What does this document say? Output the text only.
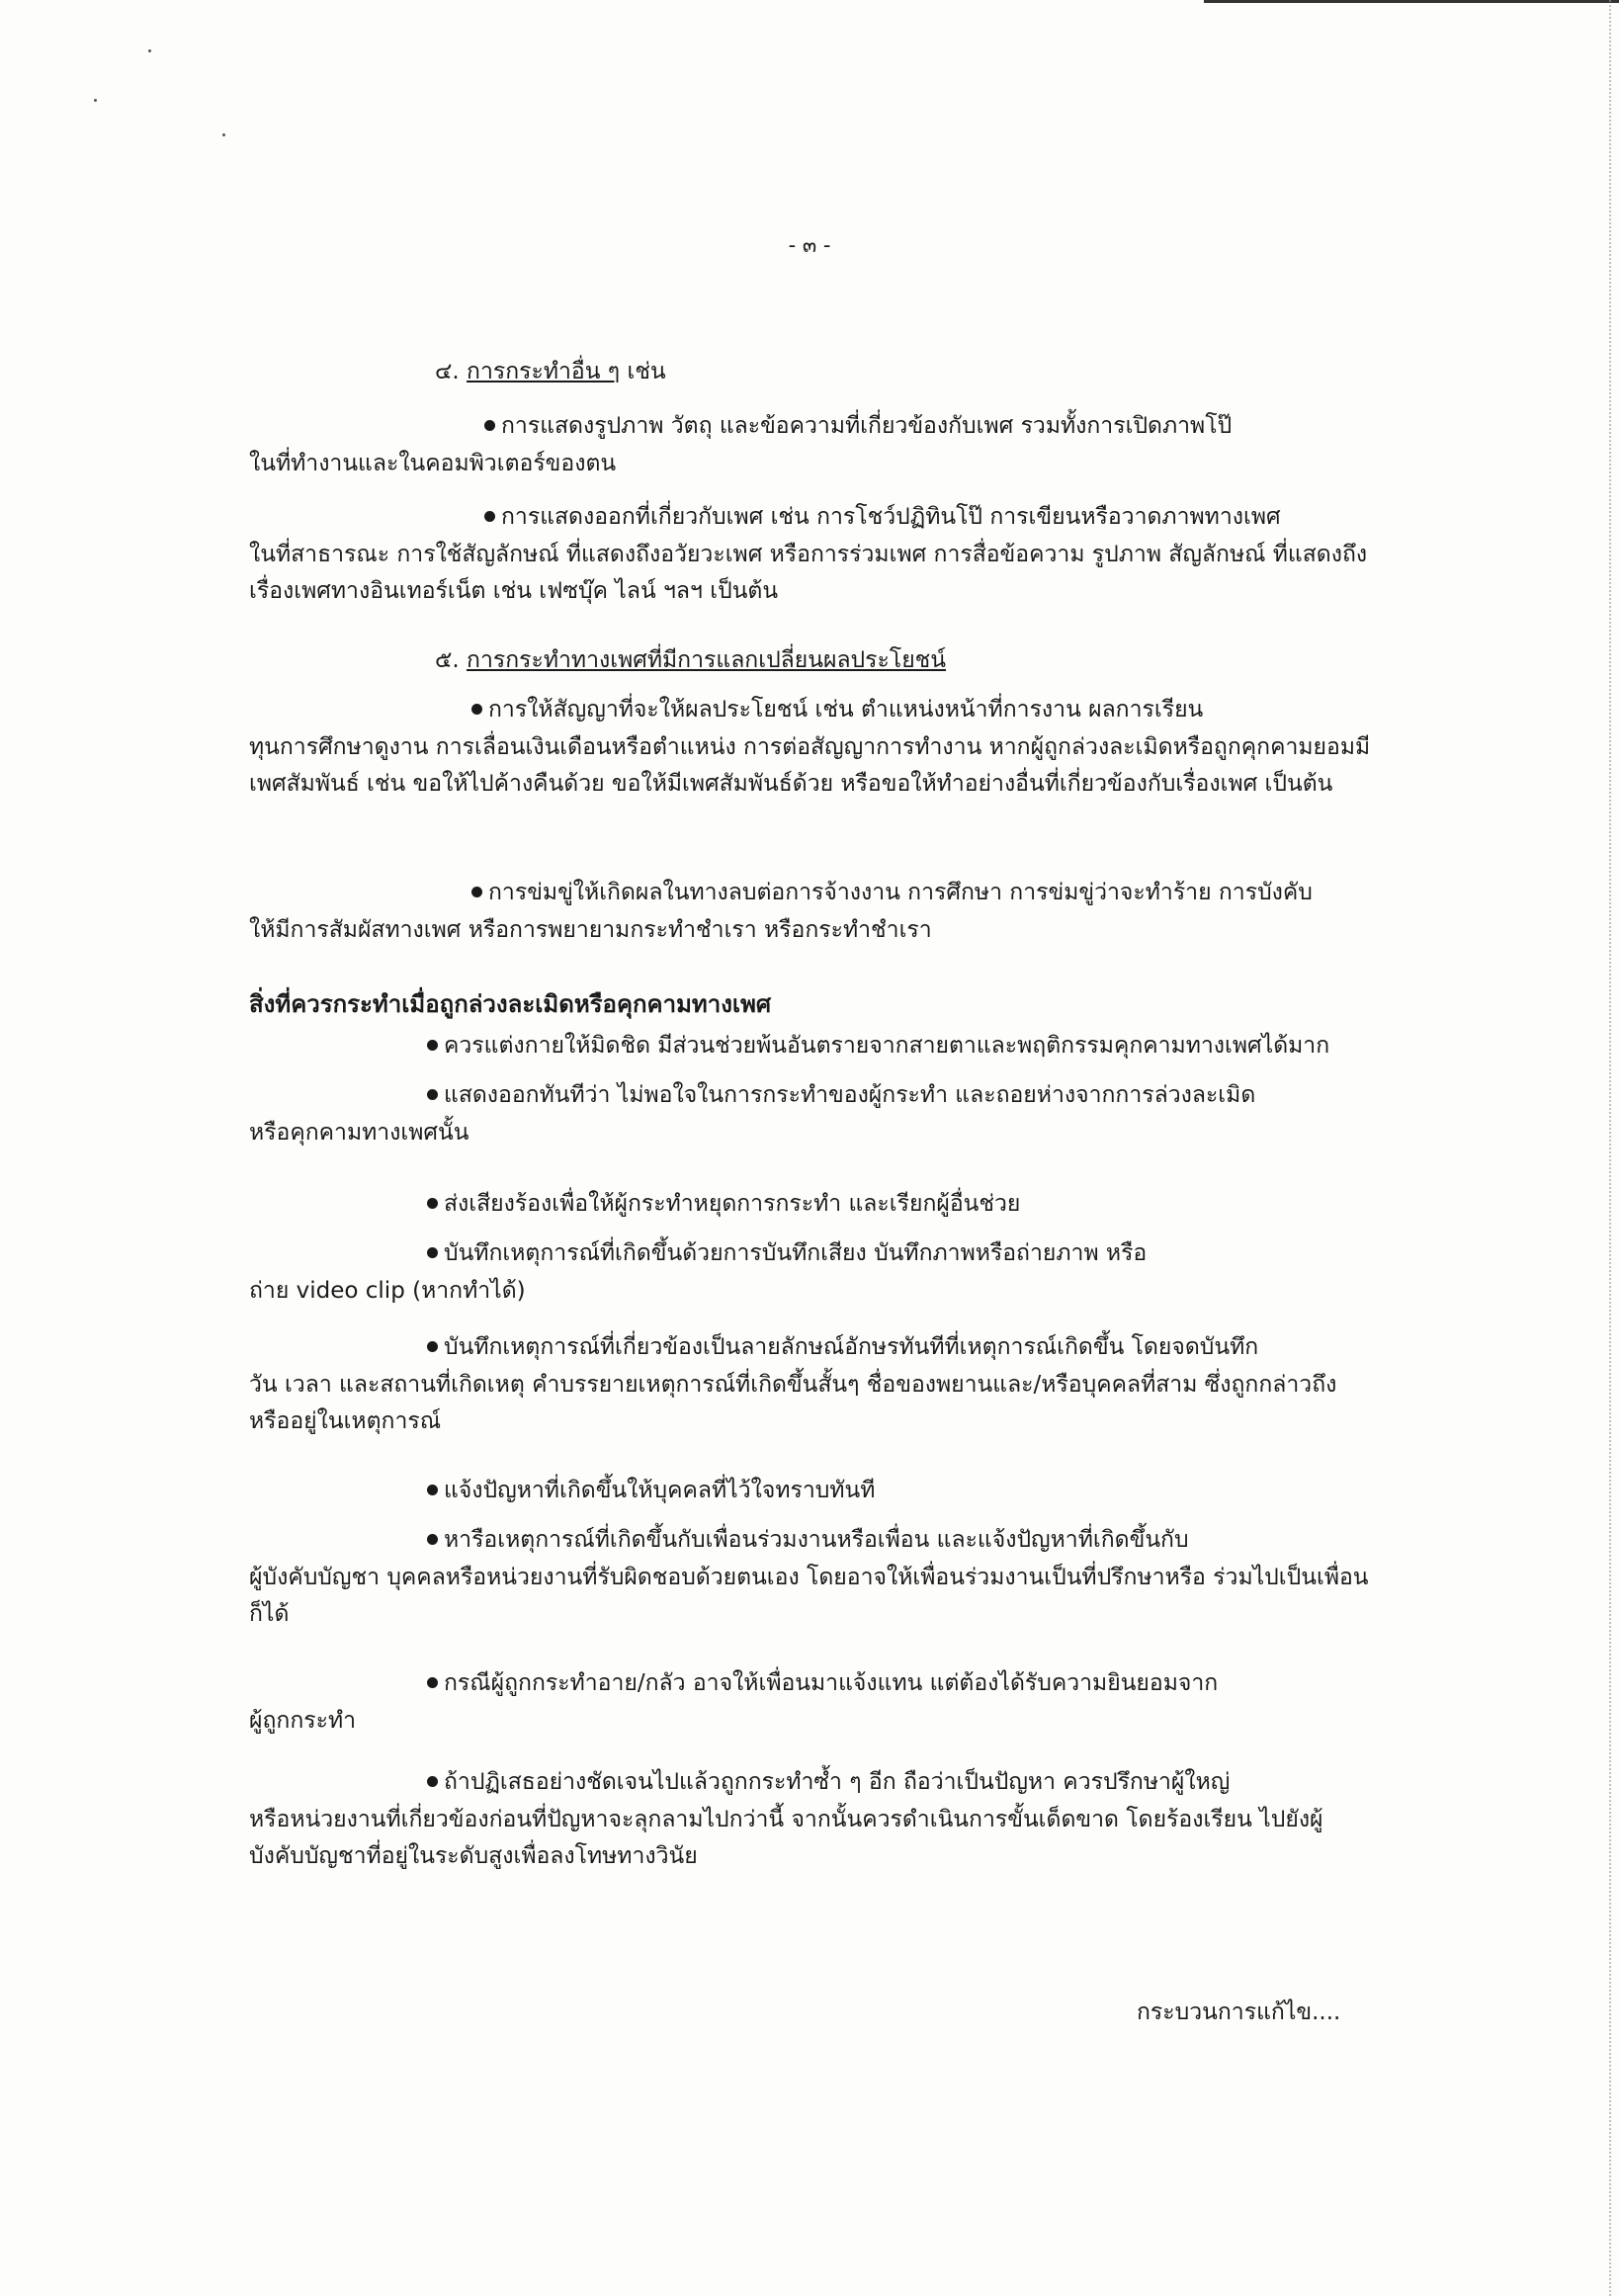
- ๓ -
๔. การกระทำอื่น ๆ เช่น
การแสดงรูปภาพ วัตถุ และข้อความที่เกี่ยวข้องกับเพศ รวมทั้งการเปิดภาพโป๊
ในที่ทำงานและในคอมพิวเตอร์ของตน
การแสดงออกที่เกี่ยวกับเพศ เช่น การโชว์ปฏิทินโป๊ การเขียนหรือวาดภาพทางเพศ
ในที่สาธารณะ การใช้สัญลักษณ์ ที่แสดงถึงอวัยวะเพศ หรือการร่วมเพศ การสื่อข้อความ รูปภาพ สัญลักษณ์ ที่แสดงถึงเรื่องเพศทางอินเทอร์เน็ต เช่น เฟซบุ๊ค ไลน์ ฯลฯ เป็นต้น
๕. การกระทำทางเพศที่มีการแลกเปลี่ยนผลประโยชน์
การให้สัญญาที่จะให้ผลประโยชน์ เช่น ตำแหน่งหน้าที่การงาน ผลการเรียน
ทุนการศึกษาดูงาน การเลื่อนเงินเดือนหรือตำแหน่ง การต่อสัญญาการทำงาน หากผู้ถูกล่วงละเมิดหรือถูกคุกคามยอมมีเพศสัมพันธ์ เช่น ขอให้ไปค้างคืนด้วย ขอให้มีเพศสัมพันธ์ด้วย หรือขอให้ทำอย่างอื่นที่เกี่ยวข้องกับเรื่องเพศ เป็นต้น
การข่มขู่ให้เกิดผลในทางลบต่อการจ้างงาน การศึกษา การข่มขู่ว่าจะทำร้าย การบังคับ
ให้มีการสัมผัสทางเพศ หรือการพยายามกระทำชำเรา หรือกระทำชำเรา
สิ่งที่ควรกระทำเมื่อถูกล่วงละเมิดหรือคุกคามทางเพศ
ควรแต่งกายให้มิดชิด มีส่วนช่วยพ้นอันตรายจากสายตาและพฤติกรรมคุกคามทางเพศได้มาก
แสดงออกทันทีว่า ไม่พอใจในการกระทำของผู้กระทำ และถอยห่างจากการล่วงละเมิด
หรือคุกคามทางเพศนั้น
ส่งเสียงร้องเพื่อให้ผู้กระทำหยุดการกระทำ และเรียกผู้อื่นช่วย
บันทึกเหตุการณ์ที่เกิดขึ้นด้วยการบันทึกเสียง บันทึกภาพหรือถ่ายภาพ หรือ
ถ่าย video clip (หากทำได้)
บันทึกเหตุการณ์ที่เกี่ยวข้องเป็นลายลักษณ์อักษรทันทีที่เหตุการณ์เกิดขึ้น โดยจดบันทึก
วัน เวลา และสถานที่เกิดเหตุ คำบรรยายเหตุการณ์ที่เกิดขึ้นสั้นๆ ชื่อของพยานและ/หรือบุคคลที่สาม ซึ่งถูกกล่าวถึง หรืออยู่ในเหตุการณ์
แจ้งปัญหาที่เกิดขึ้นให้บุคคลที่ไว้ใจทราบทันที
หารือเหตุการณ์ที่เกิดขึ้นกับเพื่อนร่วมงานหรือเพื่อน และแจ้งปัญหาที่เกิดขึ้นกับ
ผู้บังคับบัญชา บุคคลหรือหน่วยงานที่รับผิดชอบด้วยตนเอง โดยอาจให้เพื่อนร่วมงานเป็นที่ปรึกษาหรือ ร่วมไปเป็นเพื่อนก็ได้
กรณีผู้ถูกกระทำอาย/กลัว อาจให้เพื่อนมาแจ้งแทน แต่ต้องได้รับความยินยอมจาก
ผู้ถูกกระทำ
ถ้าปฏิเสธอย่างชัดเจนไปแล้วถูกกระทำซ้ำ ๆ อีก ถือว่าเป็นปัญหา ควรปรึกษาผู้ใหญ่
หรือหน่วยงานที่เกี่ยวข้องก่อนที่ปัญหาจะลุกลามไปกว่านี้ จากนั้นควรดำเนินการขั้นเด็ดขาด โดยร้องเรียน ไปยังผู้บังคับบัญชาที่อยู่ในระดับสูงเพื่อลงโทษทางวินัย
กระบวนการแก้ไข....
